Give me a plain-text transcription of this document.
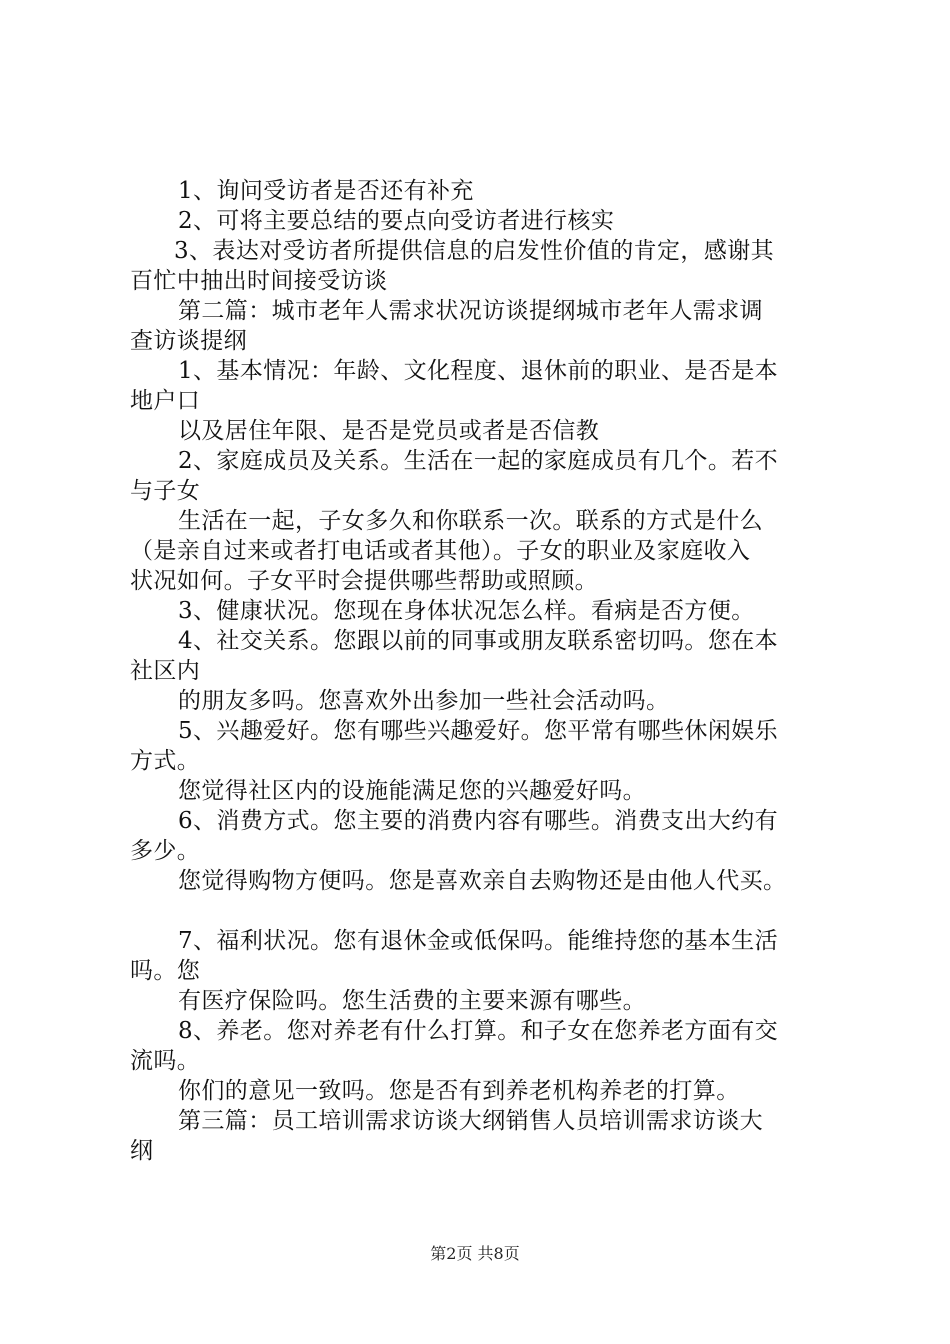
1、询问受访者是否还有补充
2、可将主要总结的要点向受访者进行核实
3、表达对受访者所提供信息的启发性价值的肯定，感谢其
百忙中抽出时间接受访谈
第二篇：城市老年人需求状况访谈提纲城市老年人需求调
查访谈提纲
1、基本情况：年龄、文化程度、退休前的职业、是否是本
地户口
以及居住年限、是否是党员或者是否信教
2、家庭成员及关系。生活在一起的家庭成员有几个。若不
与子女
生活在一起，子女多久和你联系一次。联系的方式是什么
（是亲自过来或者打电话或者其他）。子女的职业及家庭收入
状况如何。子女平时会提供哪些帮助或照顾。
3、健康状况。您现在身体状况怎么样。看病是否方便。
4、社交关系。您跟以前的同事或朋友联系密切吗。您在本
社区内
的朋友多吗。您喜欢外出参加一些社会活动吗。
5、兴趣爱好。您有哪些兴趣爱好。您平常有哪些休闲娱乐
方式。
您觉得社区内的设施能满足您的兴趣爱好吗。
6、消费方式。您主要的消费内容有哪些。消费支出大约有
多少。
您觉得购物方便吗。您是喜欢亲自去购物还是由他人代买。
7、福利状况。您有退休金或低保吗。能维持您的基本生活
吗。您
有医疗保险吗。您生活费的主要来源有哪些。
8、养老。您对养老有什么打算。和子女在您养老方面有交
流吗。
你们的意见一致吗。您是否有到养老机构养老的打算。
第三篇：员工培训需求访谈大纲销售人员培训需求访谈大
纲
第2页 共8页
